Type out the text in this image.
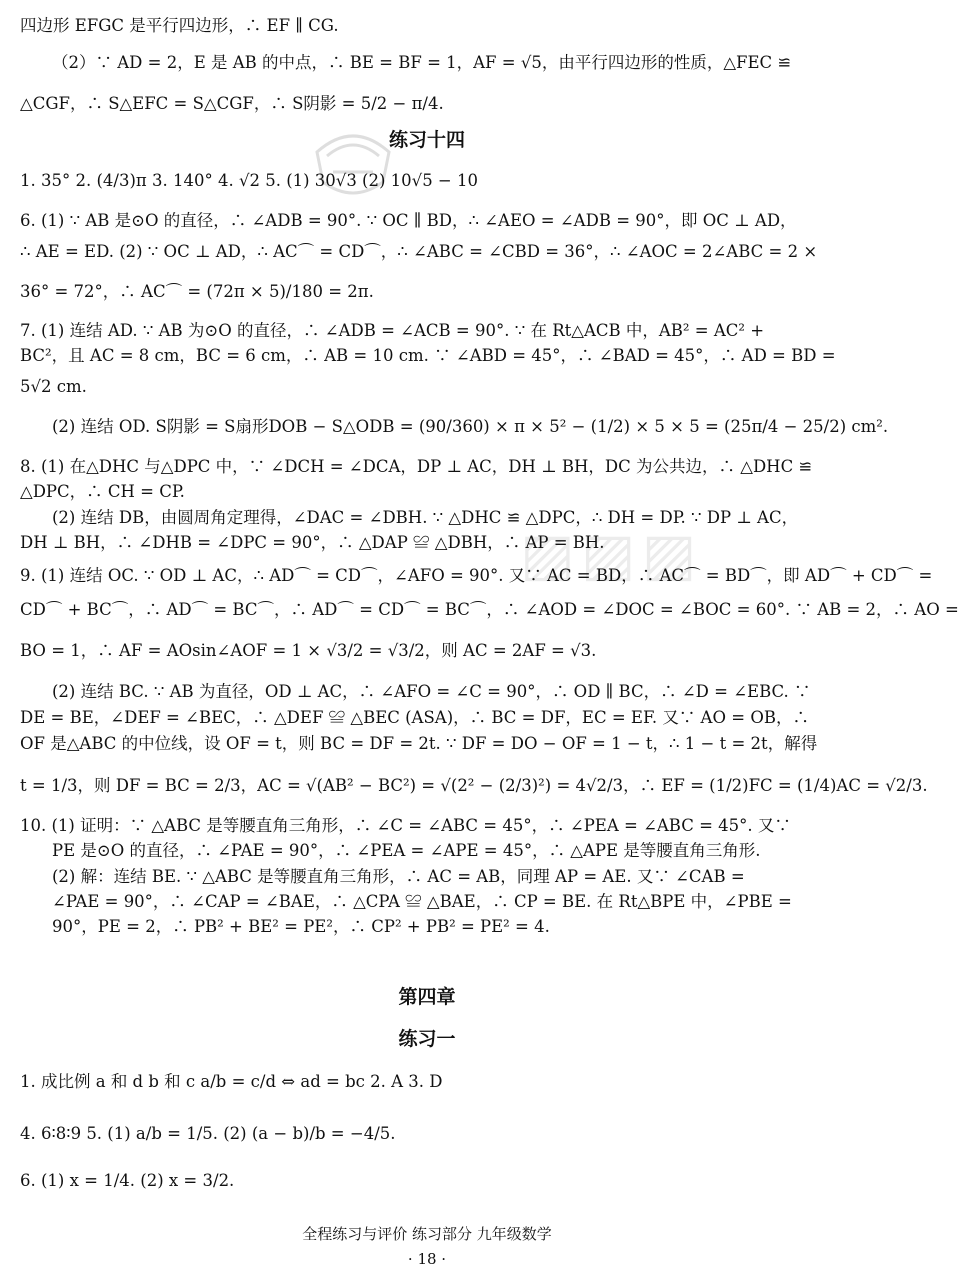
▨▨▨
四边形 EFGC 是平行四边形，∴ EF ∥ CG.
（2）∵ AD = 2，E 是 AB 的中点，∴ BE = BF = 1，AF = √5，由平行四边形的性质，△FEC ≌
△CGF，∴ S△EFC = S△CGF，∴ S阴影 = 5/2 − π/4.
练习十四
1. 35° 2. (4/3)π 3. 140° 4. √2 5. (1) 30√3 (2) 10√5 − 10
6. (1) ∵ AB 是⊙O 的直径，∴ ∠ADB = 90°. ∵ OC ∥ BD，∴ ∠AEO = ∠ADB = 90°，即 OC ⊥ AD，
∴ AE = ED. (2) ∵ OC ⊥ AD，∴ AC⌒ = CD⌒，∴ ∠ABC = ∠CBD = 36°，∴ ∠AOC = 2∠ABC = 2 ×
36° = 72°，∴ AC⌒ = (72π × 5)/180 = 2π.
7. (1) 连结 AD. ∵ AB 为⊙O 的直径，∴ ∠ADB = ∠ACB = 90°. ∵ 在 Rt△ACB 中，AB² = AC² +
BC²，且 AC = 8 cm，BC = 6 cm，∴ AB = 10 cm. ∵ ∠ABD = 45°，∴ ∠BAD = 45°，∴ AD = BD =
5√2 cm.
(2) 连结 OD. S阴影 = S扇形DOB − S△ODB = (90/360) × π × 5² − (1/2) × 5 × 5 = (25π/4 − 25/2) cm².
8. (1) 在△DHC 与△DPC 中，∵ ∠DCH = ∠DCA，DP ⊥ AC，DH ⊥ BH，DC 为公共边，∴ △DHC ≌
△DPC，∴ CH = CP.
(2) 连结 DB，由圆周角定理得，∠DAC = ∠DBH. ∵ △DHC ≌ △DPC，∴ DH = DP. ∵ DP ⊥ AC，
DH ⊥ BH，∴ ∠DHB = ∠DPC = 90°，∴ △DAP ≌ △DBH，∴ AP = BH.
9. (1) 连结 OC. ∵ OD ⊥ AC，∴ AD⌒ = CD⌒，∠AFO = 90°. 又∵ AC = BD，∴ AC⌒ = BD⌒，即 AD⌒ + CD⌒ =
CD⌒ + BC⌒，∴ AD⌒ = BC⌒，∴ AD⌒ = CD⌒ = BC⌒，∴ ∠AOD = ∠DOC = ∠BOC = 60°. ∵ AB = 2，∴ AO =
BO = 1，∴ AF = AOsin∠AOF = 1 × √3/2 = √3/2，则 AC = 2AF = √3.
(2) 连结 BC. ∵ AB 为直径，OD ⊥ AC，∴ ∠AFO = ∠C = 90°，∴ OD ∥ BC，∴ ∠D = ∠EBC. ∵
DE = BE，∠DEF = ∠BEC，∴ △DEF ≌ △BEC (ASA)，∴ BC = DF，EC = EF. 又∵ AO = OB，∴
OF 是△ABC 的中位线，设 OF = t，则 BC = DF = 2t. ∵ DF = DO − OF = 1 − t，∴ 1 − t = 2t，解得
t = 1/3，则 DF = BC = 2/3，AC = √(AB² − BC²) = √(2² − (2/3)²) = 4√2/3，∴ EF = (1/2)FC = (1/4)AC = √2/3.
10. (1) 证明：∵ △ABC 是等腰直角三角形，∴ ∠C = ∠ABC = 45°，∴ ∠PEA = ∠ABC = 45°. 又∵
PE 是⊙O 的直径，∴ ∠PAE = 90°，∴ ∠PEA = ∠APE = 45°，∴ △APE 是等腰直角三角形.
(2) 解：连结 BE. ∵ △ABC 是等腰直角三角形，∴ AC = AB，同理 AP = AE. 又∵ ∠CAB =
∠PAE = 90°，∴ ∠CAP = ∠BAE，∴ △CPA ≌ △BAE，∴ CP = BE. 在 Rt△BPE 中，∠PBE =
90°，PE = 2，∴ PB² + BE² = PE²，∴ CP² + PB² = PE² = 4.
第四章
练习一
1. 成比例 a 和 d b 和 c a/b = c/d ⇔ ad = bc 2. A 3. D
4. 6∶8∶9 5. (1) a/b = 1/5. (2) (a − b)/b = −4/5.
6. (1) x = 1/4. (2) x = 3/2.
全程练习与评价 练习部分 九年级数学
· 18 ·
